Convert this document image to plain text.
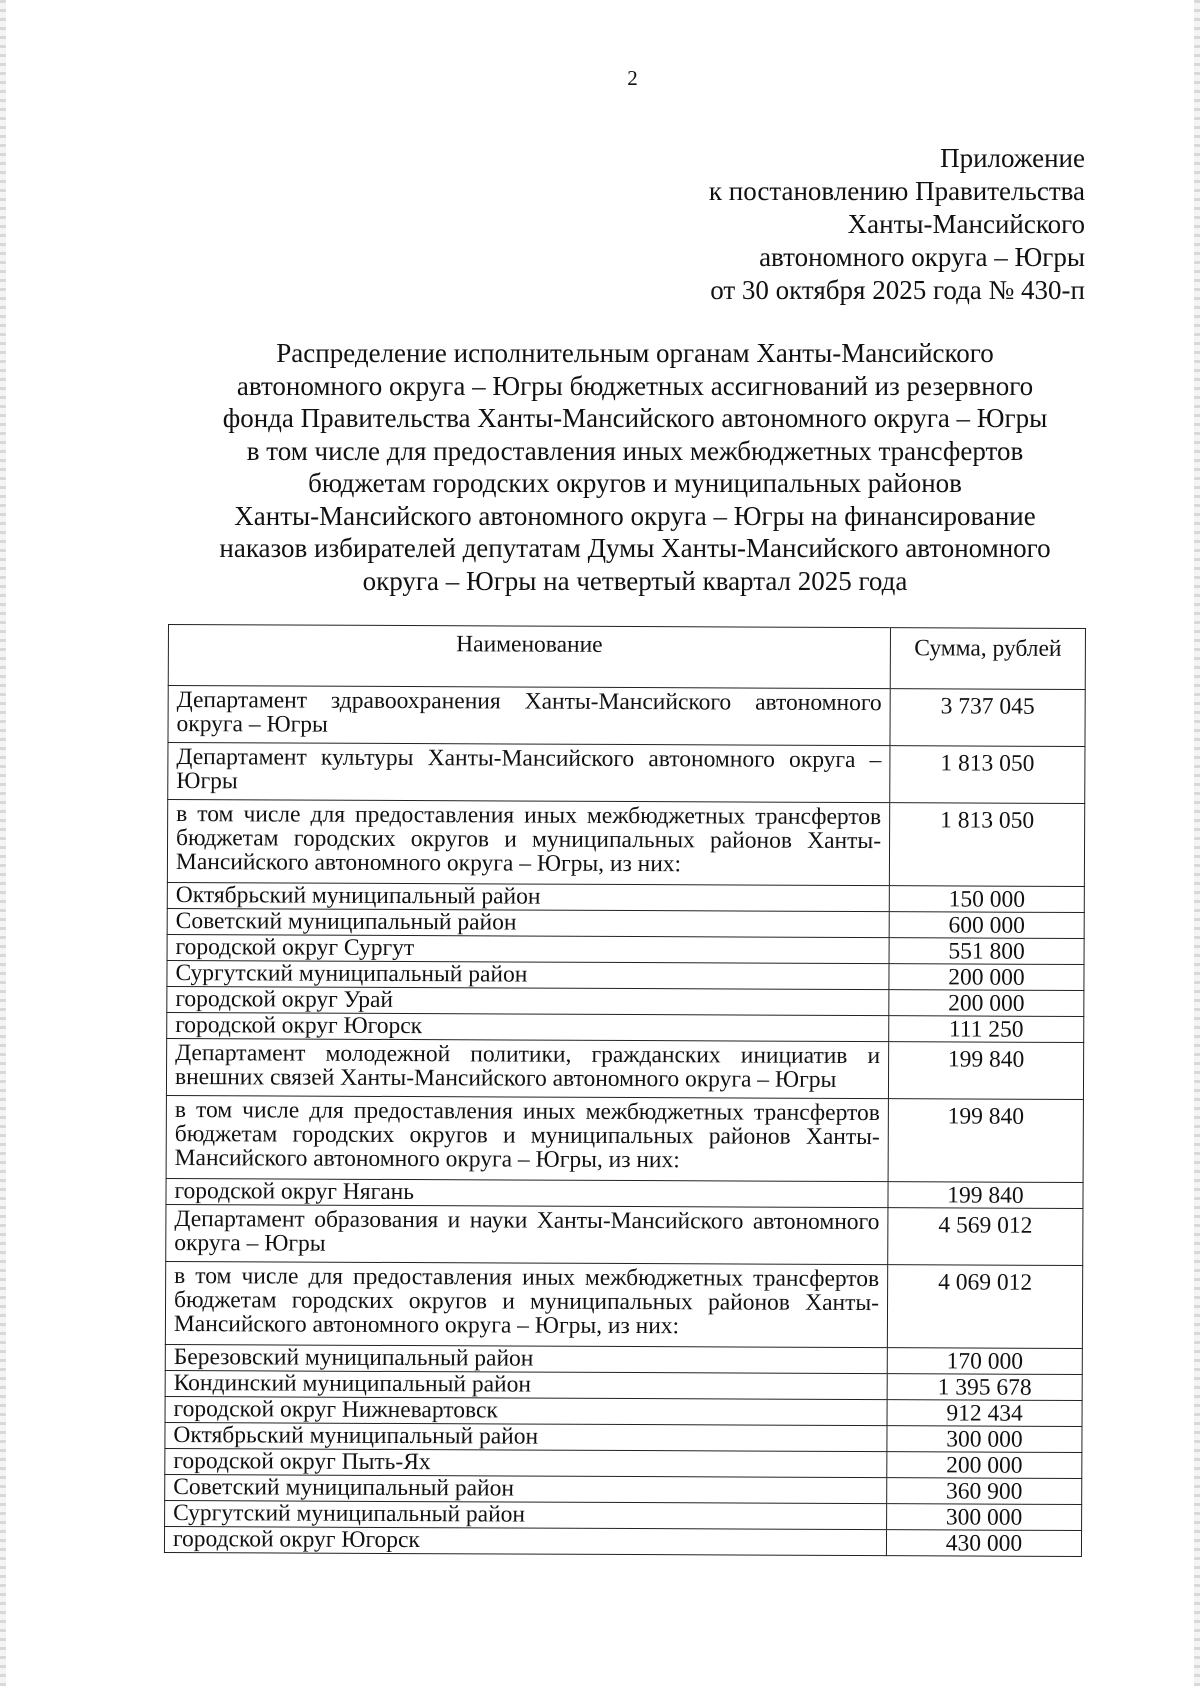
2
Приложение
к постановлению Правительства
Ханты-Мансийского
автономного округа – Югры
от 30 октября 2025 года № 430-п
Распределение исполнительным органам Ханты-Мансийского
автономного округа – Югры бюджетных ассигнований из резервного
фонда Правительства Ханты-Мансийского автономного округа – Югры
в том числе для предоставления иных межбюджетных трансфертов
бюджетам городских округов и муниципальных районов
Ханты-Мансийского автономного округа – Югры на финансирование
наказов избирателей депутатам Думы Ханты-Мансийского автономного
округа – Югры на четвертый квартал 2025 года
Наименование	Сумма, рублей
Департамент здравоохранения Ханты-Мансийского автономного округа – Югры	3 737 045
Департамент культуры Ханты-Мансийского автономного округа – Югры	1 813 050
в том числе для предоставления иных межбюджетных трансфертов бюджетам городских округов и муниципальных районов Ханты-Мансийского автономного округа – Югры, из них:	1 813 050
Октябрьский муниципальный район	150 000
Советский муниципальный район	600 000
городской округ Сургут	551 800
Сургутский муниципальный район	200 000
городской округ Урай	200 000
городской округ Югорск	111 250
Департамент молодежной политики, гражданских инициатив и внешних связей Ханты-Мансийского автономного округа – Югры	199 840
в том числе для предоставления иных межбюджетных трансфертов бюджетам городских округов и муниципальных районов Ханты-Мансийского автономного округа – Югры, из них:	199 840
городской округ Нягань	199 840
Департамент образования и науки Ханты-Мансийского автономного округа – Югры	4 569 012
в том числе для предоставления иных межбюджетных трансфертов бюджетам городских округов и муниципальных районов Ханты-Мансийского автономного округа – Югры, из них:	4 069 012
Березовский муниципальный район	170 000
Кондинский муниципальный район	1 395 678
городской округ Нижневартовск	912 434
Октябрьский муниципальный район	300 000
городской округ Пыть-Ях	200 000
Советский муниципальный район	360 900
Сургутский муниципальный район	300 000
городской округ Югорск	430 000
